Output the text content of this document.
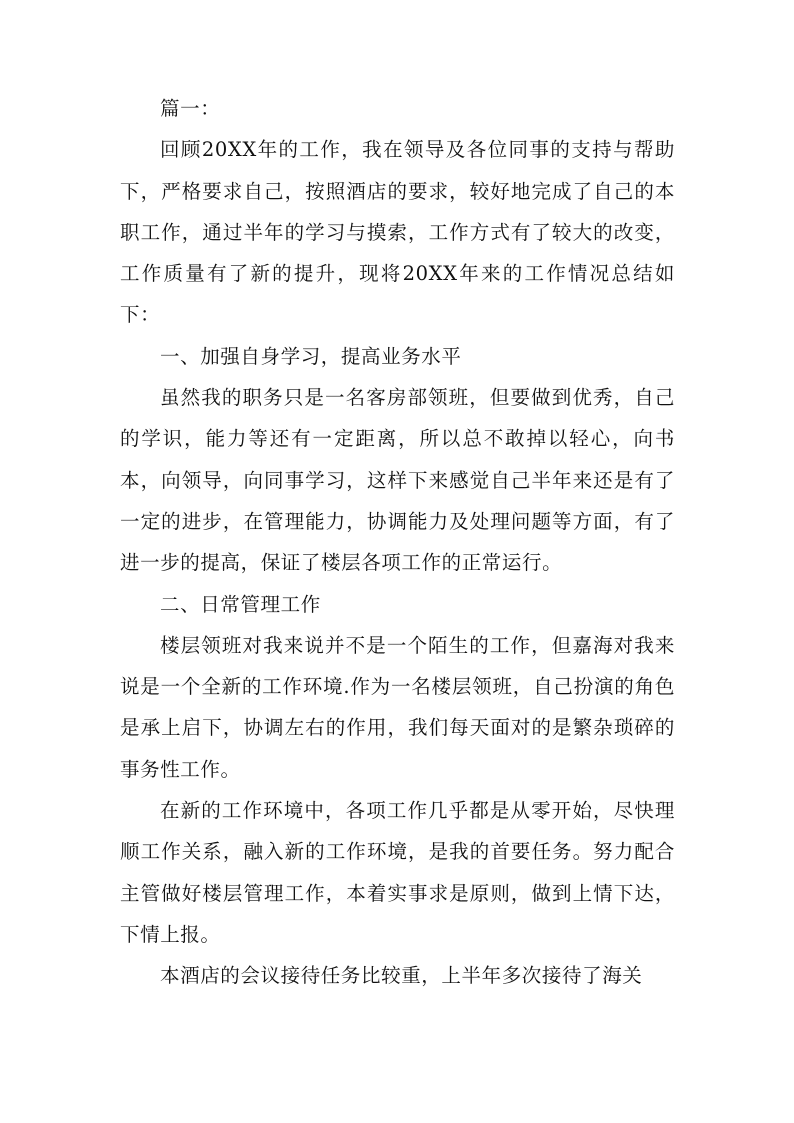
篇一：

回顾20XX年的工作，我在领导及各位同事的支持与帮助下，严格要求自己，按照酒店的要求，较好地完成了自己的本职工作，通过半年的学习与摸索，工作方式有了较大的改变，工作质量有了新的提升，现将20XX年来的工作情况总结如下：

一、加强自身学习，提高业务水平

虽然我的职务只是一名客房部领班，但要做到优秀，自己的学识，能力等还有一定距离，所以总不敢掉以轻心，向书本，向领导，向同事学习，这样下来感觉自己半年来还是有了一定的进步，在管理能力，协调能力及处理问题等方面，有了进一步的提高，保证了楼层各项工作的正常运行。

二、日常管理工作

楼层领班对我来说并不是一个陌生的工作，但嘉海对我来说是一个全新的工作环境.作为一名楼层领班，自己扮演的角色是承上启下，协调左右的作用，我们每天面对的是繁杂琐碎的事务性工作。

在新的工作环境中，各项工作几乎都是从零开始，尽快理顺工作关系，融入新的工作环境，是我的首要任务。努力配合主管做好楼层管理工作，本着实事求是原则，做到上情下达，下情上报。

本酒店的会议接待任务比较重，上半年多次接待了海关
